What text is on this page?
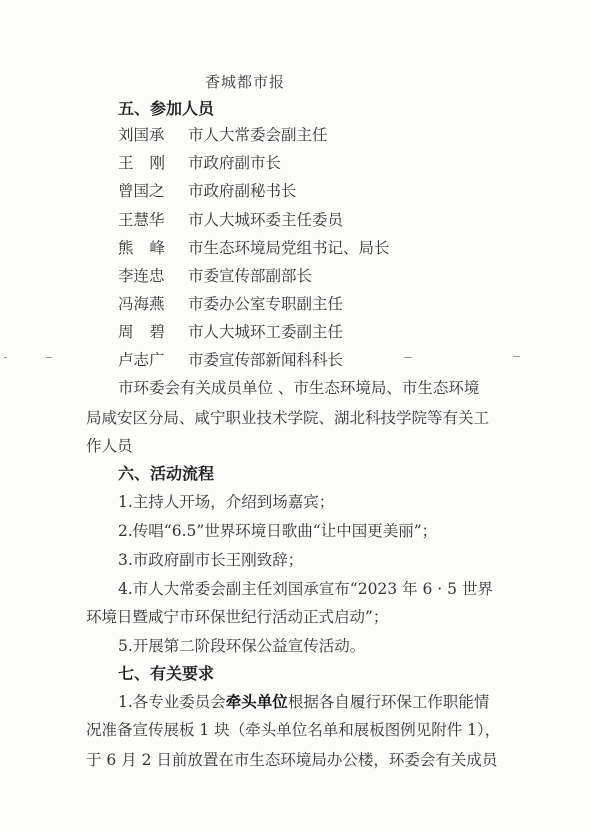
香城都市报
五、参加人员
刘国承	市人大常委会副主任
王刚 市政府副市长
曾国之	市政府副秘书长
王慧华	市人大城环委主任委员
熊峰 市生态环境局党组书记、局长
李连忠	市委宣传部副部长
冯海燕	市委办公室专职副主任
周碧 市人大城环工委副主任
卢志广	市委宣传部新闻科科长
市环委会有关成员单位 、市生态环境局、市生态环境
局咸安区分局、咸宁职业技术学院、湖北科技学院等有关工
作人员
六、活动流程
1.主持人开场，介绍到场嘉宾；
2.传唱“6.5”世界环境日歌曲“让中国更美丽”；
3.市政府副市长王刚致辞；
4.市人大常委会副主任刘国承宣布“2023 年 6 · 5 世界
环境日暨咸宁市环保世纪行活动正式启动”；
5.开展第二阶段环保公益宣传活动。
七、有关要求
1.各专业委员会牵头单位根据各自履行环保工作职能情
况准备宣传展板 1 块（牵头单位名单和展板图例见附件 1），
于 6 月 2 日前放置在市生态环境局办公楼，环委会有关成员
